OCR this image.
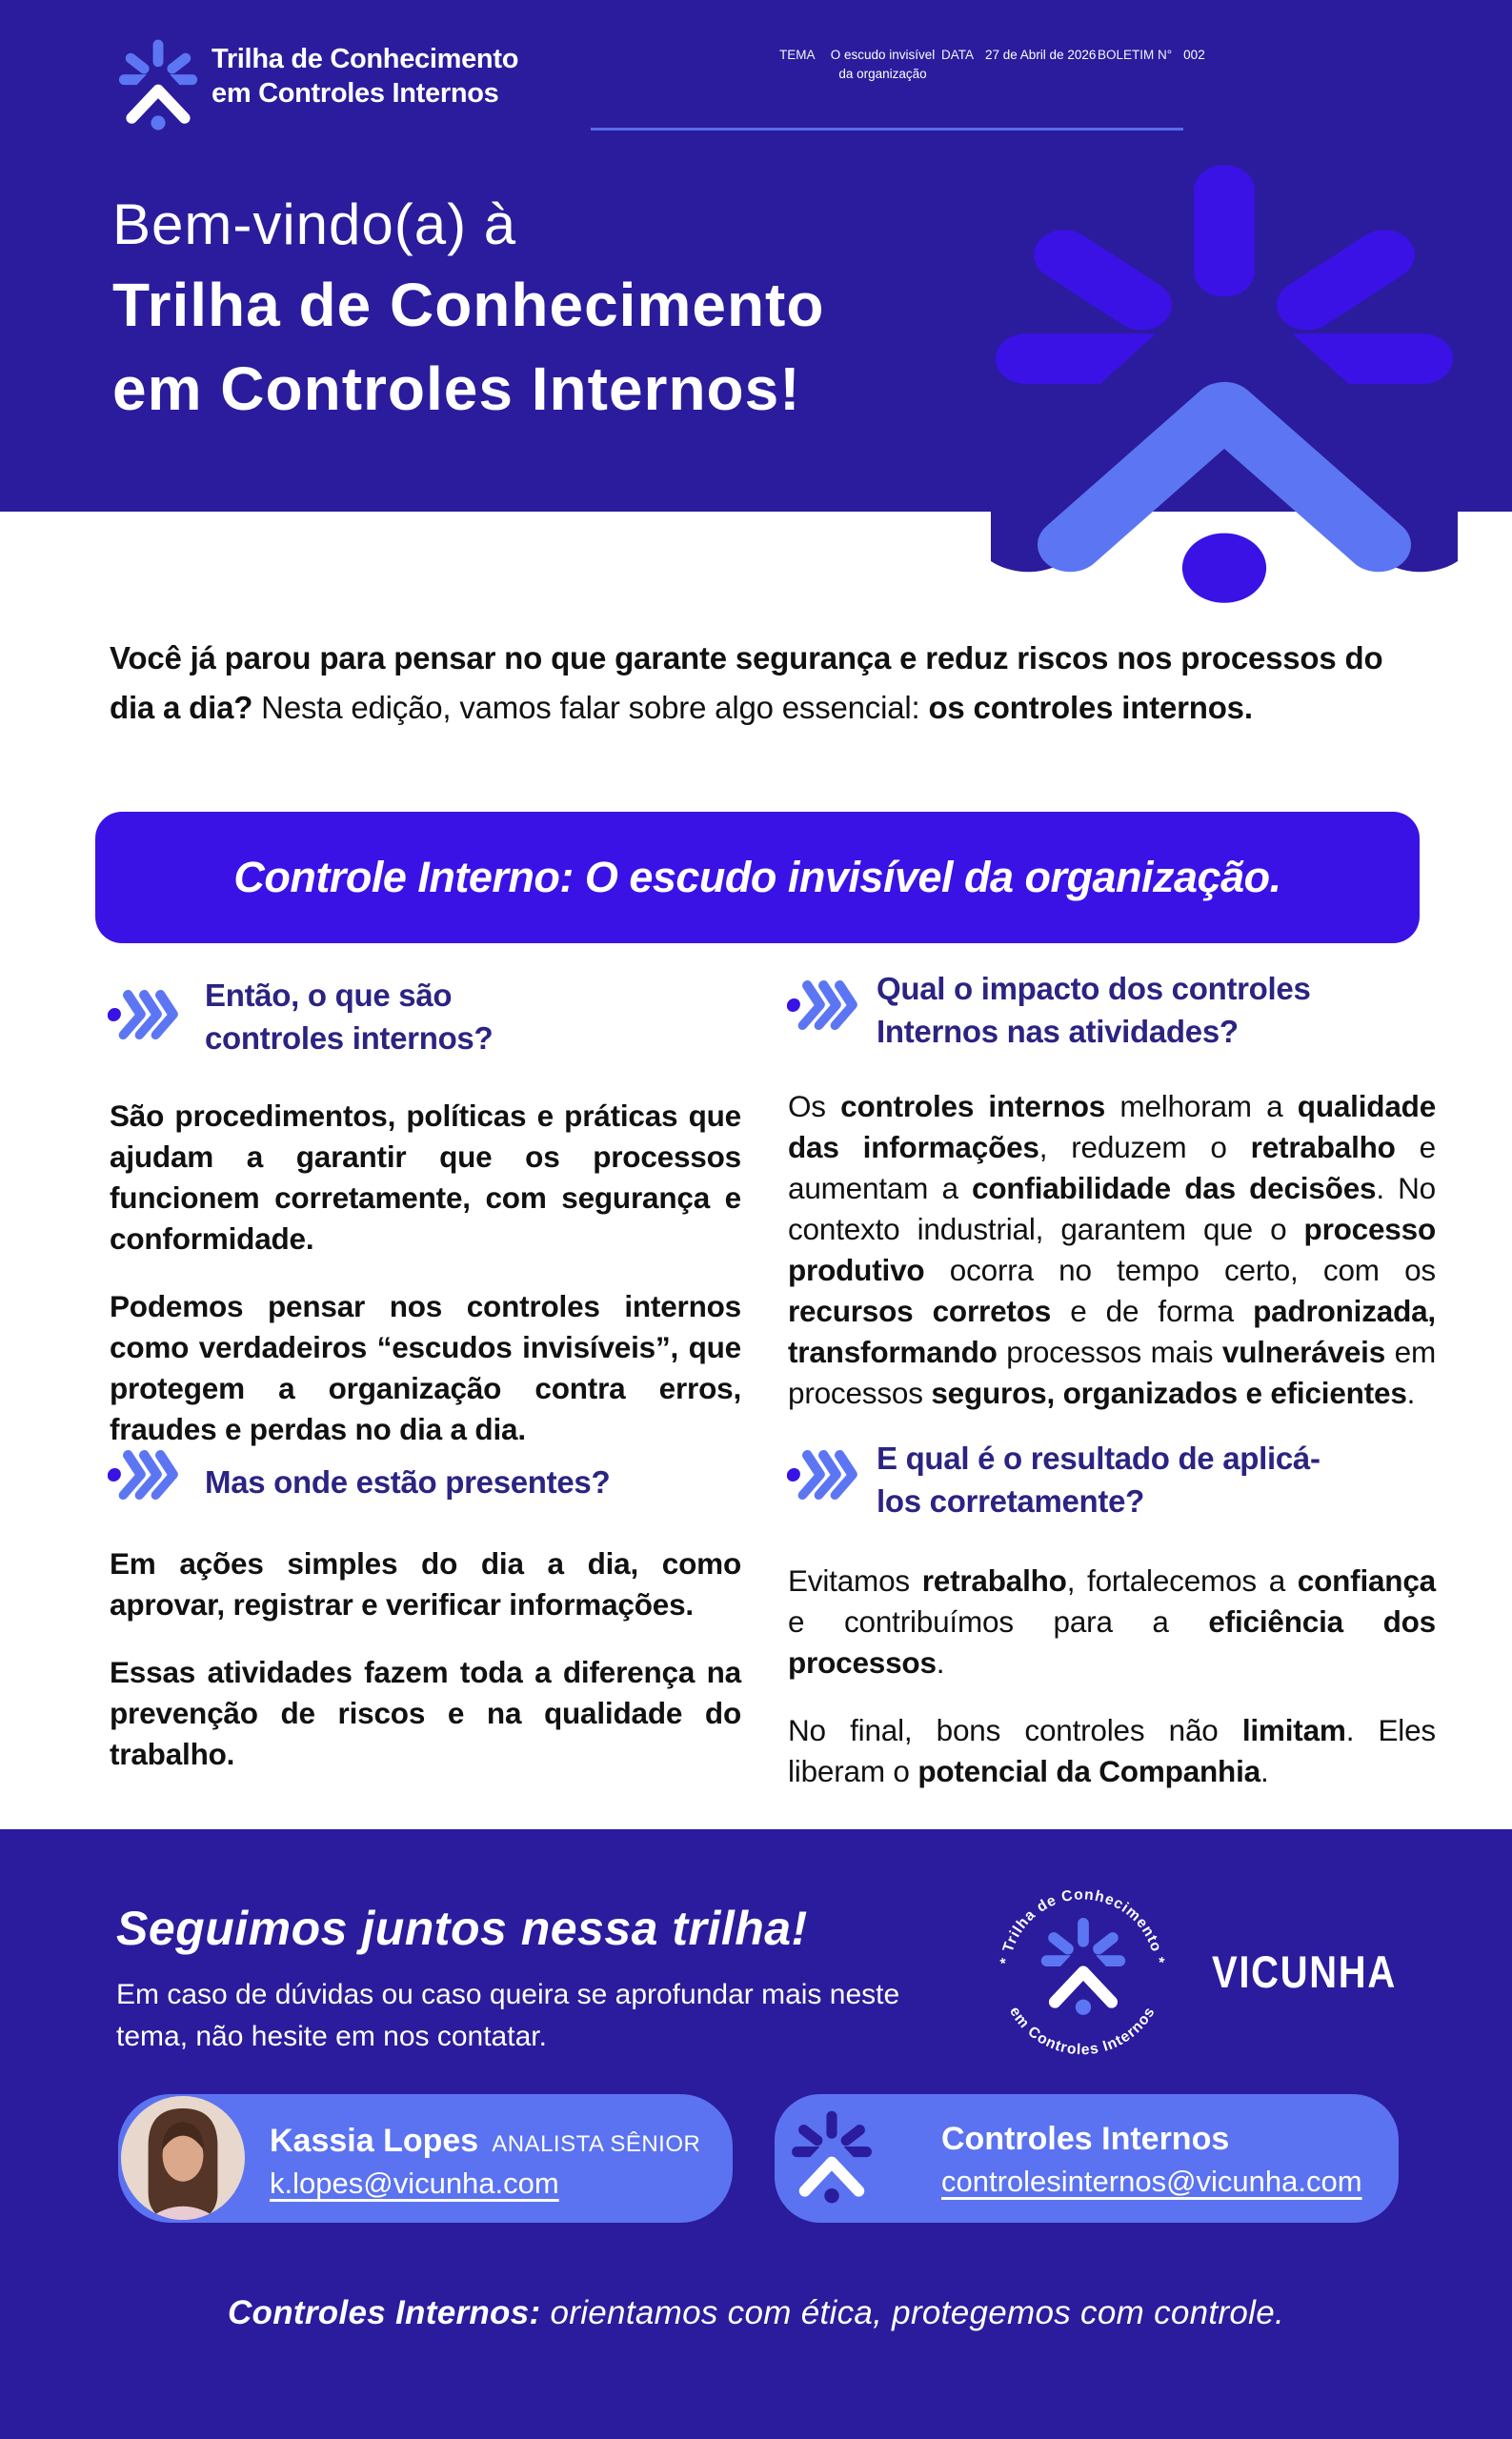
Trilha de Conhecimento
em Controles Internos
TEMA O escudo invisível da organização
DATA 27 de Abril de 2026 BOLETIM N° 002
Bem-vindo(a) à
Trilha de Conhecimento
em Controles Internos!
Você já parou para pensar no que garante segurança e reduz riscos nos processos do dia a dia? Nesta edição, vamos falar sobre algo essencial: os controles internos.
Controle Interno: O escudo invisível da organização.
Então, o que são
controles internos?

São procedimentos, políticas e práticas que ajudam a garantir que os processos funcionem corretamente, com segurança e conformidade.

Podemos pensar nos controles internos como verdadeiros “escudos invisíveis”, que protegem a organização contra erros, fraudes e perdas no dia a dia.

Qual o impacto dos controles
Internos nas atividades?

Os controles internos melhoram a qualidade das informações, reduzem o retrabalho e aumentam a confiabilidade das decisões. No contexto industrial, garantem que o processo produtivo ocorra no tempo certo, com os recursos corretos e de forma padronizada, transformando processos mais vulneráveis em processos seguros, organizados e eficientes.

Mas onde estão presentes?

Em ações simples do dia a dia, como aprovar, registrar e verificar informações.

Essas atividades fazem toda a diferença na prevenção de riscos e na qualidade do trabalho.

E qual é o resultado de aplicá-
los corretamente?

Evitamos retrabalho, fortalecemos a confiança e contribuímos para a eficiência dos processos.

No final, bons controles não limitam. Eles liberam o potencial da Companhia.

Seguimos juntos nessa trilha!
Em caso de dúvidas ou caso queira se aprofundar mais neste
tema, não hesite em nos contatar.
* Trilha de Conhecimento *
em Controles Internos
VICUNHA
Kassia Lopes ANALISTA SÊNIOR
k.lopes@vicunha.com
Controles Internos
controlesinternos@vicunha.com
Controles Internos: orientamos com ética, protegemos com controle.
